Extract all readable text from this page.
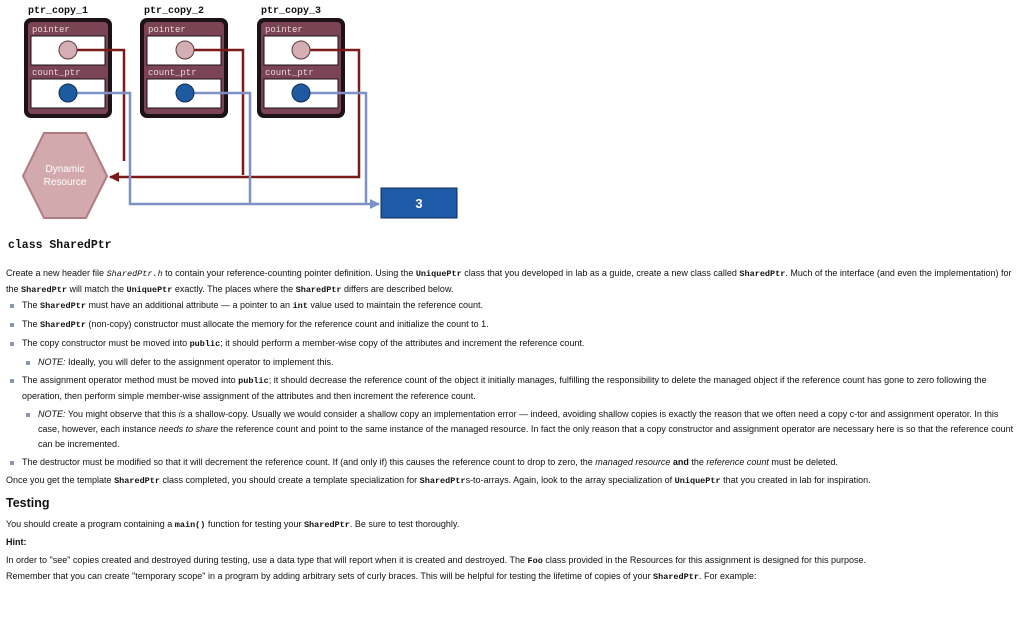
ptr_copy_1	ptr_copy_2	ptr_copy_3
pointer
count_ptr
pointer
count_ptr
pointer
count_ptr
Dynamic
Resource
3
class SharedPtr

Create a new header file SharedPtr.h to contain your reference-counting pointer definition. Using the UniquePtr class that you developed in lab as a guide, create a new class called SharedPtr. Much of the interface (and even the implementation) for the SharedPtr will match the UniquePtr exactly. The places where the SharedPtr differs are described below.

The SharedPtr must have an additional attribute — a pointer to an int value used to maintain the reference count.
The SharedPtr (non-copy) constructor must allocate the memory for the reference count and initialize the count to 1.
The copy constructor must be moved into public; it should perform a member-wise copy of the attributes and increment the reference count.
NOTE: Ideally, you will defer to the assignment operator to implement this.
The assignment operator method must be moved into public; it should decrease the reference count of the object it initially manages, fulfilling the responsibility to delete the managed object if the reference count has gone to zero following the operation, then perform simple member-wise assignment of the attributes and then increment the reference count.
NOTE: You might observe that this is a shallow-copy. Usually we would consider a shallow copy an implementation error — indeed, avoiding shallow copies is exactly the reason that we often need a copy c-tor and assignment operator. In this case, however, each instance needs to share the reference count and point to the same instance of the managed resource. In fact the only reason that a copy constructor and assignment operator are necessary here is so that the reference count can be incremented.
The destructor must be modified so that it will decrement the reference count. If (and only if) this causes the reference count to drop to zero, the managed resource and the reference count must be deleted.

Once you get the template SharedPtr class completed, you should create a template specialization for SharedPtrs-to-arrays. Again, look to the array specialization of UniquePtr that you created in lab for inspiration.

Testing

You should create a program containing a main() function for testing your SharedPtr. Be sure to test thoroughly.

Hint:

In order to "see" copies created and destroyed during testing, use a data type that will report when it is created and destroyed. The Foo class provided in the Resources for this assignment is designed for this purpose.

Remember that you can create "temporary scope" in a program by adding arbitrary sets of curly braces. This will be helpful for testing the lifetime of copies of your SharedPtr. For example:
